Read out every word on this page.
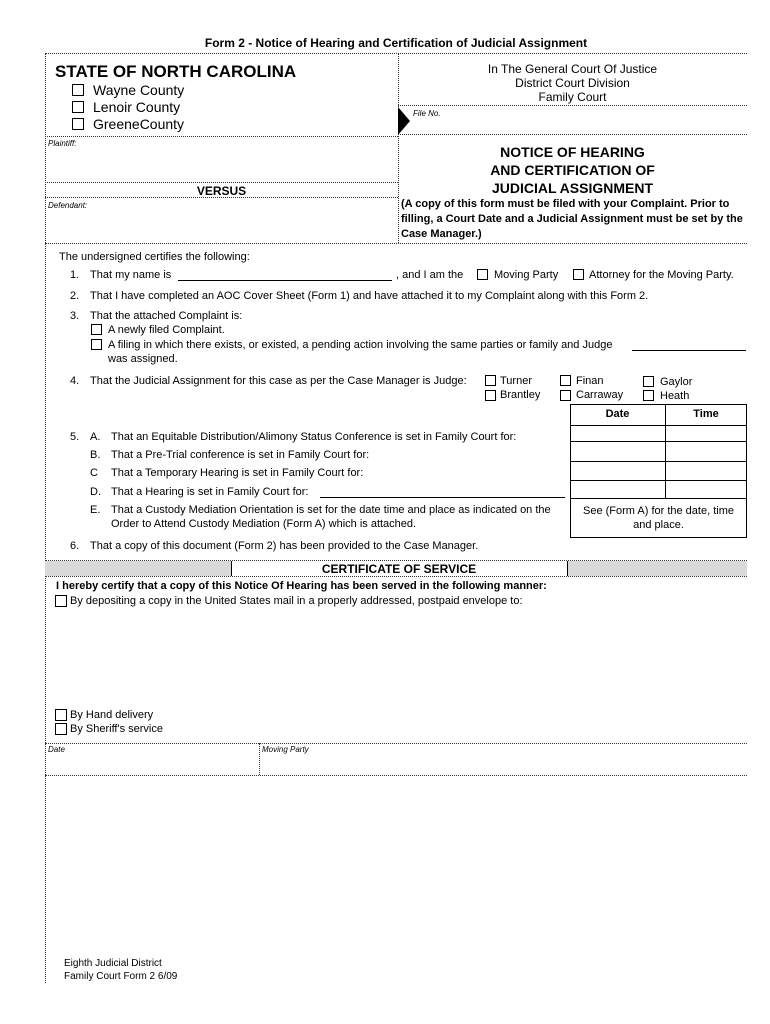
Form 2 - Notice of Hearing and Certification of Judicial Assignment
STATE OF NORTH CAROLINA
Wayne County
Lenoir County
GreeneCounty
In The General Court Of Justice
District Court Division
Family Court
File No.
Plaintiff:
VERSUS
Defendant:
NOTICE OF HEARING
AND CERTIFICATION OF
JUDICIAL ASSIGNMENT
(A copy of this form must be filed with your Complaint. Prior to filling, a Court Date and a Judicial Assignment must be set by the Case Manager.)
The undersigned certifies the following:
1. That my name is	, and I am the	Moving Party	Attorney for the Moving Party.
2. That I have completed an AOC Cover Sheet (Form 1) and have attached it to my Complaint along with this Form 2.
3. That the attached Complaint is:
A newly filed Complaint.
A filing in which there exists, or existed, a pending action involving the same parties or family and Judge
was assigned.
4. That the Judicial Assignment for this case as per the Case Manager is Judge:	Turner
Brantley
Finan
Carraway
Gaylor
Heath
Date	Time
See (Form A) for the date, time
and place.
5. A. That an Equitable Distribution/Alimony Status Conference is set in Family Court for:
B. That a Pre-Trial conference is set in Family Court for:
C That a Temporary Hearing is set in Family Court for:
D. That a Hearing is set in Family Court for:
E. That a Custody Mediation Orientation is set for the date time and place as indicated on the
Order to Attend Custody Mediation (Form A) which is attached.
6. That a copy of this document (Form 2) has been provided to the Case Manager.
CERTIFICATE OF SERVICE
I hereby certify that a copy of this Notice Of Hearing has been served in the following manner:
By depositing a copy in the United States mail in a properly addressed, postpaid envelope to:
By Hand delivery
By Sheriff's service
Date	Moving Party
Eighth Judicial District
Family Court Form 2 6/09
